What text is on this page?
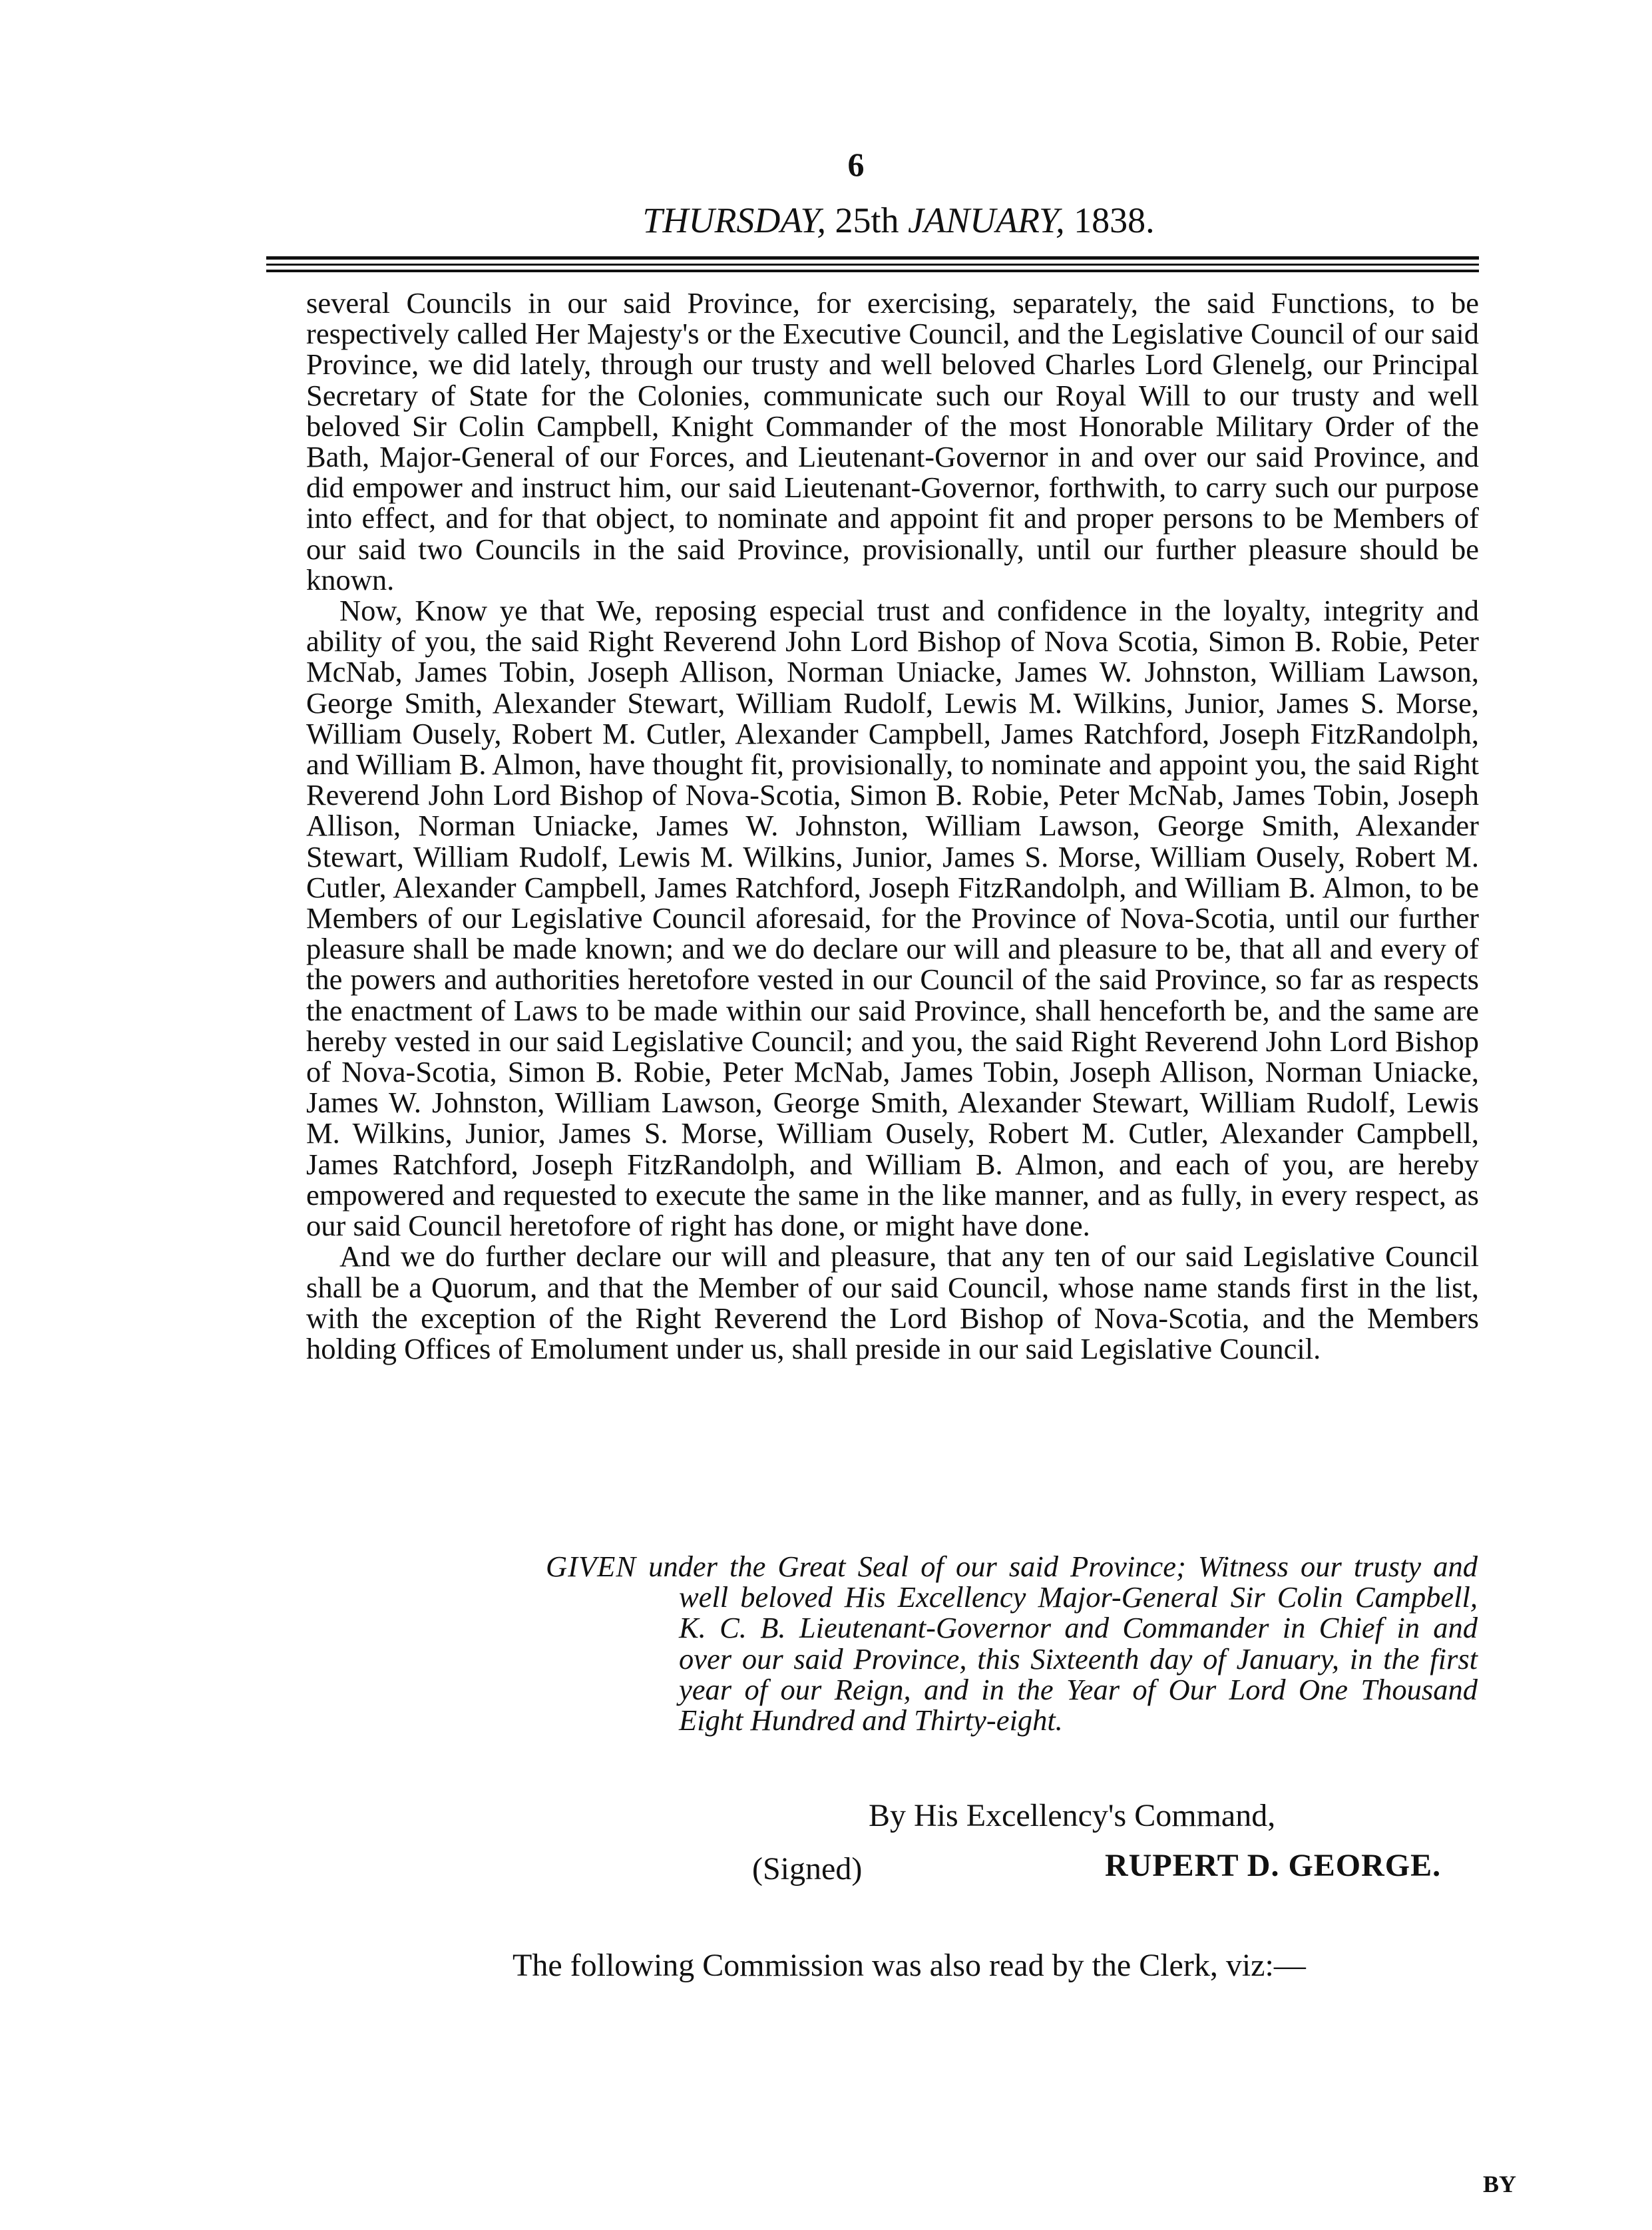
6
THURSDAY, 25th JANUARY, 1838.

several Councils in our said Province, for exercising, separately, the said Functions, to be respectively called Her Majesty's or the Executive Council, and the Legislative Council of our said Province, we did lately, through our trusty and well beloved Charles Lord Glenelg, our Principal Secretary of State for the Colonies, communicate such our Royal Will to our trusty and well beloved Sir Colin Campbell, Knight Commander of the most Honorable Military Order of the Bath, Major-General of our Forces, and Lieutenant-Governor in and over our said Province, and did empower and instruct him, our said Lieutenant-Governor, forthwith, to carry such our purpose into effect, and for that object, to nominate and appoint fit and proper persons to be Members of our said two Councils in the said Province, provisionally, until our further pleasure should be known.

Now, Know ye that We, reposing especial trust and confidence in the loyalty, integrity and ability of you, the said Right Reverend John Lord Bishop of Nova Scotia, Simon B. Robie, Peter McNab, James Tobin, Joseph Allison, Norman Uniacke, James W. Johnston, William Lawson, George Smith, Alexander Stewart, William Rudolf, Lewis M. Wilkins, Junior, James S. Morse, William Ousely, Robert M. Cutler, Alexander Campbell, James Ratchford, Joseph FitzRandolph, and William B. Almon, have thought fit, provisionally, to nominate and appoint you, the said Right Reverend John Lord Bishop of Nova-Scotia, Simon B. Robie, Peter McNab, James Tobin, Joseph Allison, Norman Uniacke, James W. Johnston, William Lawson, George Smith, Alexander Stewart, William Rudolf, Lewis M. Wilkins, Junior, James S. Morse, William Ousely, Robert M. Cutler, Alexander Campbell, James Ratchford, Joseph FitzRandolph, and William B. Almon, to be Members of our Legislative Council aforesaid, for the Province of Nova-Scotia, until our further pleasure shall be made known; and we do declare our will and pleasure to be, that all and every of the powers and authorities heretofore vested in our Council of the said Province, so far as respects the enactment of Laws to be made within our said Province, shall henceforth be, and the same are hereby vested in our said Legislative Council; and you, the said Right Reverend John Lord Bishop of Nova-Scotia, Simon B. Robie, Peter McNab, James Tobin, Joseph Allison, Norman Uniacke, James W. Johnston, William Lawson, George Smith, Alexander Stewart, William Rudolf, Lewis M. Wilkins, Junior, James S. Morse, William Ousely, Robert M. Cutler, Alexander Campbell, James Ratchford, Joseph FitzRandolph, and William B. Almon, and each of you, are hereby empowered and requested to execute the same in the like manner, and as fully, in every respect, as our said Council heretofore of right has done, or might have done.

And we do further declare our will and pleasure, that any ten of our said Legislative Council shall be a Quorum, and that the Member of our said Council, whose name stands first in the list, with the exception of the Right Reverend the Lord Bishop of Nova-Scotia, and the Members holding Offices of Emolument under us, shall preside in our said Legislative Council.

GIVEN under the Great Seal of our said Province; Witness our trusty and well beloved His Excellency Major-General Sir Colin Campbell, K. C. B. Lieutenant-Governor and Commander in Chief in and over our said Province, this Sixteenth day of January, in the first year of our Reign, and in the Year of Our Lord One Thousand Eight Hundred and Thirty-eight.
By His Excellency's Command,
(Signed)	RUPERT D. GEORGE.
The following Commission was also read by the Clerk, viz:—
BY
